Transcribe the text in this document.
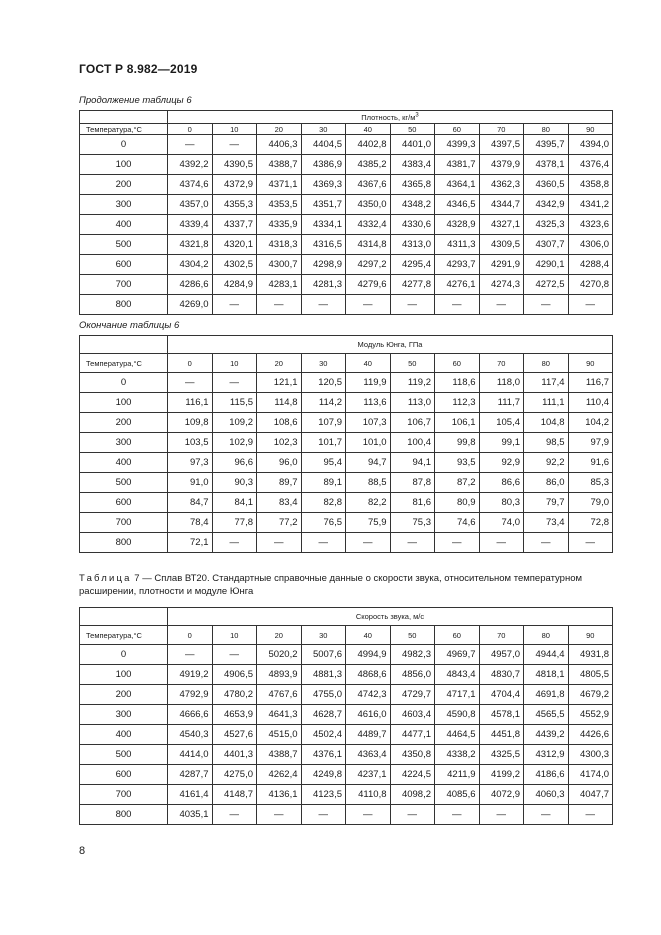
ГОСТ Р 8.982—2019
Продолжение таблицы 6
	Плотность, $кг/м^3$
Температура,°С	0	10	20	30	40	50	60	70	80	90
0	—	—	4406,3	4404,5	4402,8	4401,0	4399,3	4397,5	4395,7	4394,0
100	4392,2	4390,5	4388,7	4386,9	4385,2	4383,4	4381,7	4379,9	4378,1	4376,4
200	4374,6	4372,9	4371,1	4369,3	4367,6	4365,8	4364,1	4362,3	4360,5	4358,8
300	4357,0	4355,3	4353,5	4351,7	4350,0	4348,2	4346,5	4344,7	4342,9	4341,2
400	4339,4	4337,7	4335,9	4334,1	4332,4	4330,6	4328,9	4327,1	4325,3	4323,6
500	4321,8	4320,1	4318,3	4316,5	4314,8	4313,0	4311,3	4309,5	4307,7	4306,0
600	4304,2	4302,5	4300,7	4298,9	4297,2	4295,4	4293,7	4291,9	4290,1	4288,4
700	4286,6	4284,9	4283,1	4281,3	4279,6	4277,8	4276,1	4274,3	4272,5	4270,8
800	4269,0	—	—	—	—	—	—	—	—	—
Окончание таблицы 6
	Модуль Юнга, ГПа									
Температура,°С	0	10	20	30	40	50	60	70	80	90
0	—	—	121,1	120,5	119,9	119,2	118,6	118,0	117,4	116,7
100	116,1	115,5	114,8	114,2	113,6	113,0	112,3	111,7	111,1	110,4
200	109,8	109,2	108,6	107,9	107,3	106,7	106,1	105,4	104,8	104,2
300	103,5	102,9	102,3	101,7	101,0	100,4	99,8	99,1	98,5	97,9
400	97,3	96,6	96,0	95,4	94,7	94,1	93,5	92,9	92,2	91,6
500	91,0	90,3	89,7	89,1	88,5	87,8	87,2	86,6	86,0	85,3
600	84,7	84,1	83,4	82,8	82,2	81,6	80,9	80,3	79,7	79,0
700	78,4	77,8	77,2	76,5	75,9	75,3	74,6	74,0	73,4	72,8
800	72,1	—	—	—	—	—	—	—	—	—
Таблица 7 — Сплав ВТ20. Стандартные справочные данные о скорости звука, относительном температурном расширении, плотности и модуле Юнга
	Скорость звука, м/с									
Температура,°С	0	10	20	30	40	50	60	70	80	90
0	—	—	5020,2	5007,6	4994,9	4982,3	4969,7	4957,0	4944,4	4931,8
100	4919,2	4906,5	4893,9	4881,3	4868,6	4856,0	4843,4	4830,7	4818,1	4805,5
200	4792,9	4780,2	4767,6	4755,0	4742,3	4729,7	4717,1	4704,4	4691,8	4679,2
300	4666,6	4653,9	4641,3	4628,7	4616,0	4603,4	4590,8	4578,1	4565,5	4552,9
400	4540,3	4527,6	4515,0	4502,4	4489,7	4477,1	4464,5	4451,8	4439,2	4426,6
500	4414,0	4401,3	4388,7	4376,1	4363,4	4350,8	4338,2	4325,5	4312,9	4300,3
600	4287,7	4275,0	4262,4	4249,8	4237,1	4224,5	4211,9	4199,2	4186,6	4174,0
700	4161,4	4148,7	4136,1	4123,5	4110,8	4098,2	4085,6	4072,9	4060,3	4047,7
800	4035,1	—	—	—	—	—	—	—	—	—
8
